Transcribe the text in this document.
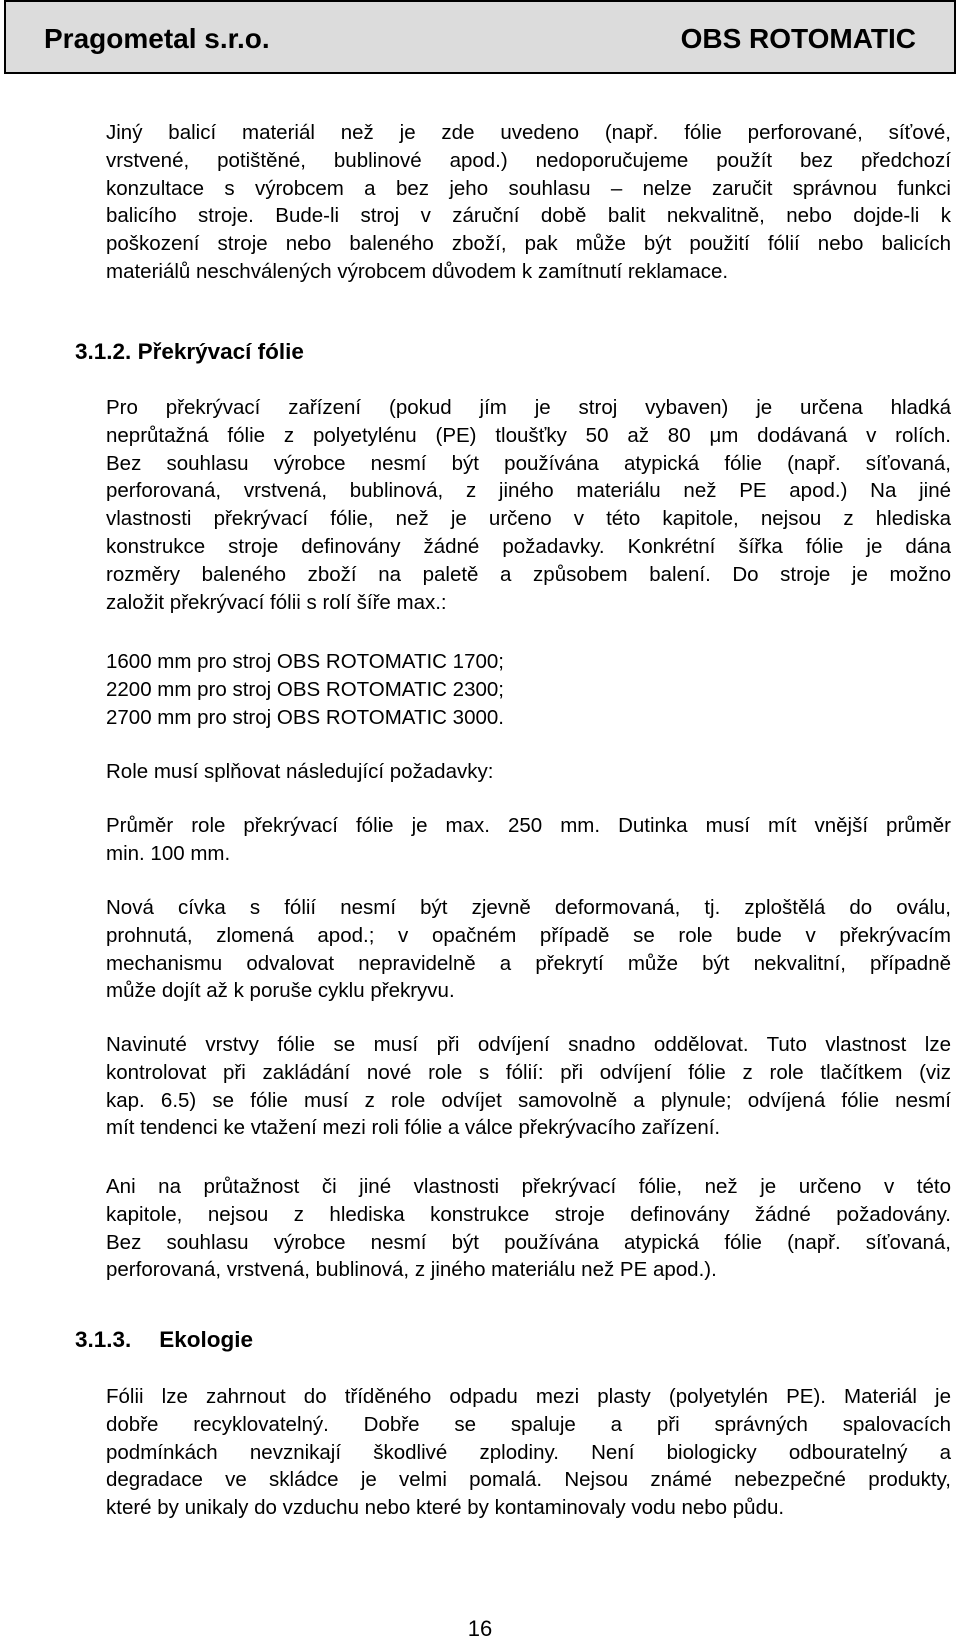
Pragometal s.r.o.	OBS ROTOMATIC
Jiný balicí materiál než je zde uvedeno (např. fólie perforované, síťové,
vrstvené, potištěné, bublinové apod.) nedoporučujeme použít bez předchozí
konzultace s výrobcem a bez jeho souhlasu – nelze zaručit správnou funkci
balicího stroje. Bude-li stroj v záruční době balit nekvalitně, nebo dojde-li k
poškození stroje nebo baleného zboží, pak může být použití fólií nebo balicích
materiálů neschválených výrobcem důvodem k zamítnutí reklamace.
3.1.2. Překrývací fólie
Pro překrývací zařízení (pokud jím je stroj vybaven) je určena hladká
neprůtažná fólie z polyetylénu (PE) tloušťky 50 až 80 μm dodávaná v rolích.
Bez souhlasu výrobce nesmí být používána atypická fólie (např. síťovaná,
perforovaná, vrstvená, bublinová, z jiného materiálu než PE apod.) Na jiné
vlastnosti překrývací fólie, než je určeno v této kapitole, nejsou z hlediska
konstrukce stroje definovány žádné požadavky. Konkrétní šířka fólie je dána
rozměry baleného zboží na paletě a způsobem balení. Do stroje je možno
založit překrývací fólii s rolí šíře max.:
1600 mm pro stroj OBS ROTOMATIC 1700;
2200 mm pro stroj OBS ROTOMATIC 2300;
2700 mm pro stroj OBS ROTOMATIC 3000.
Role musí splňovat následující požadavky:
Průměr role překrývací fólie je max. 250 mm. Dutinka musí mít vnější průměr
min. 100 mm.
Nová cívka s fólií nesmí být zjevně deformovaná, tj. zploštělá do oválu,
prohnutá, zlomená apod.; v opačném případě se role bude v překrývacím
mechanismu odvalovat nepravidelně a překrytí může být nekvalitní, případně
může dojít až k poruše cyklu překryvu.
Navinuté vrstvy fólie se musí při odvíjení snadno oddělovat. Tuto vlastnost lze
kontrolovat při zakládání nové role s fólií: při odvíjení fólie z role tlačítkem (viz
kap. 6.5) se fólie musí z role odvíjet samovolně a plynule; odvíjená fólie nesmí
mít tendenci ke vtažení mezi roli fólie a válce překrývacího zařízení.
Ani na průtažnost či jiné vlastnosti překrývací fólie, než je určeno v této
kapitole, nejsou z hlediska konstrukce stroje definovány žádné požadovány.
Bez souhlasu výrobce nesmí být používána atypická fólie (např. síťovaná,
perforovaná, vrstvená, bublinová, z jiného materiálu než PE apod.).
3.1.3. Ekologie
Fólii lze zahrnout do tříděného odpadu mezi plasty (polyetylén PE). Materiál je
dobře recyklovatelný. Dobře se spaluje a při správných spalovacích
podmínkách nevznikají škodlivé zplodiny. Není biologicky odbouratelný a
degradace ve skládce je velmi pomalá. Nejsou známé nebezpečné produkty,
které by unikaly do vzduchu nebo které by kontaminovaly vodu nebo půdu.
16
